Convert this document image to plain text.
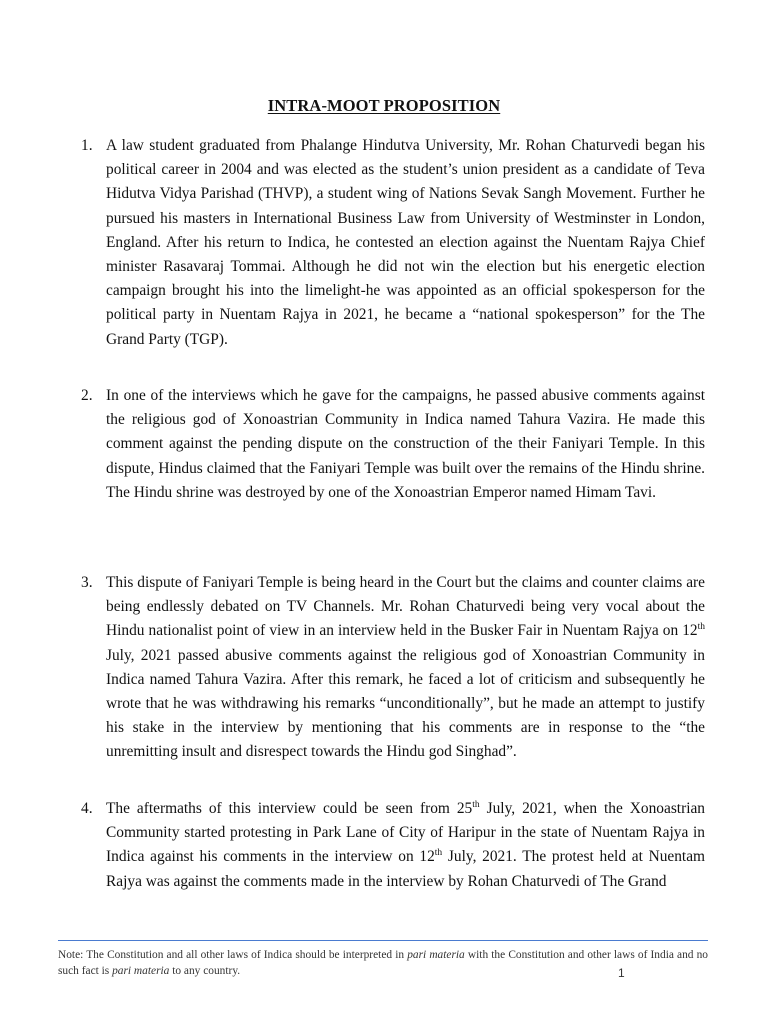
INTRA-MOOT PROPOSITION
1. A law student graduated from Phalange Hindutva University, Mr. Rohan Chaturvedi began his political career in 2004 and was elected as the student’s union president as a candidate of Teva Hidutva Vidya Parishad (THVP), a student wing of Nations Sevak Sangh Movement. Further he pursued his masters in International Business Law from University of Westminster in London, England. After his return to Indica, he contested an election against the Nuentam Rajya Chief minister Rasavaraj Tommai. Although he did not win the election but his energetic election campaign brought his into the limelight-he was appointed as an official spokesperson for the political party in Nuentam Rajya in 2021, he became a “national spokesperson” for the The Grand Party (TGP).

2. In one of the interviews which he gave for the campaigns, he passed abusive comments against the religious god of Xonoastrian Community in Indica named Tahura Vazira. He made this comment against the pending dispute on the construction of the their Faniyari Temple. In this dispute, Hindus claimed that the Faniyari Temple was built over the remains of the Hindu shrine. The Hindu shrine was destroyed by one of the Xonoastrian Emperor named Himam Tavi.

3. This dispute of Faniyari Temple is being heard in the Court but the claims and counter claims are being endlessly debated on TV Channels. Mr. Rohan Chaturvedi being very vocal about the Hindu nationalist point of view in an interview held in the Busker Fair in Nuentam Rajya on 12th July, 2021 passed abusive comments against the religious god of Xonoastrian Community in Indica named Tahura Vazira. After this remark, he faced a lot of criticism and subsequently he wrote that he was withdrawing his remarks “unconditionally”, but he made an attempt to justify his stake in the interview by mentioning that his comments are in response to the “the unremitting insult and disrespect towards the Hindu god Singhad”.

4. The aftermaths of this interview could be seen from 25th July, 2021, when the Xonoastrian Community started protesting in Park Lane of City of Haripur in the state of Nuentam Rajya in Indica against his comments in the interview on 12th July, 2021. The protest held at Nuentam Rajya was against the comments made in the interview by Rohan Chaturvedi of The Grand

Note: The Constitution and all other laws of Indica should be interpreted in pari materia with the Constitution and other laws of India and no such fact is pari materia to any country.	1
